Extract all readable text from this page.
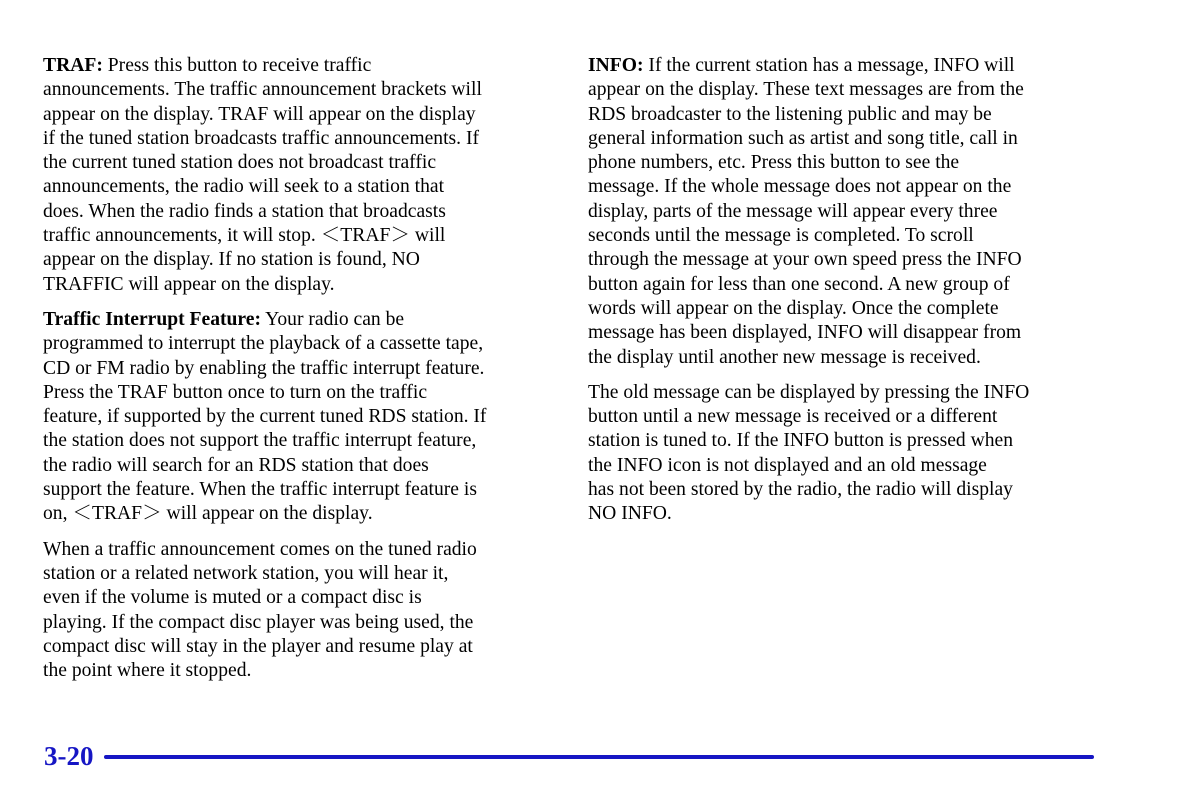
TRAF: Press this button to receive traffic
announcements. The traffic announcement brackets will
appear on the display. TRAF will appear on the display
if the tuned station broadcasts traffic announcements. If
the current tuned station does not broadcast traffic
announcements, the radio will seek to a station that
does. When the radio finds a station that broadcasts
traffic announcements, it will stop. ＜TRAF＞ will
appear on the display. If no station is found, NO
TRAFFIC will appear on the display.

Traffic Interrupt Feature: Your radio can be
programmed to interrupt the playback of a cassette tape,
CD or FM radio by enabling the traffic interrupt feature.
Press the TRAF button once to turn on the traffic
feature, if supported by the current tuned RDS station. If
the station does not support the traffic interrupt feature,
the radio will search for an RDS station that does
support the feature. When the traffic interrupt feature is
on, ＜TRAF＞ will appear on the display.

When a traffic announcement comes on the tuned radio
station or a related network station, you will hear it,
even if the volume is muted or a compact disc is
playing. If the compact disc player was being used, the
compact disc will stay in the player and resume play at
the point where it stopped.

INFO: If the current station has a message, INFO will
appear on the display. These text messages are from the
RDS broadcaster to the listening public and may be
general information such as artist and song title, call in
phone numbers, etc. Press this button to see the
message. If the whole message does not appear on the
display, parts of the message will appear every three
seconds until the message is completed. To scroll
through the message at your own speed press the INFO
button again for less than one second. A new group of
words will appear on the display. Once the complete
message has been displayed, INFO will disappear from
the display until another new message is received.

The old message can be displayed by pressing the INFO
button until a new message is received or a different
station is tuned to. If the INFO button is pressed when
the INFO icon is not displayed and an old message
has not been stored by the radio, the radio will display
NO INFO.

3-20
